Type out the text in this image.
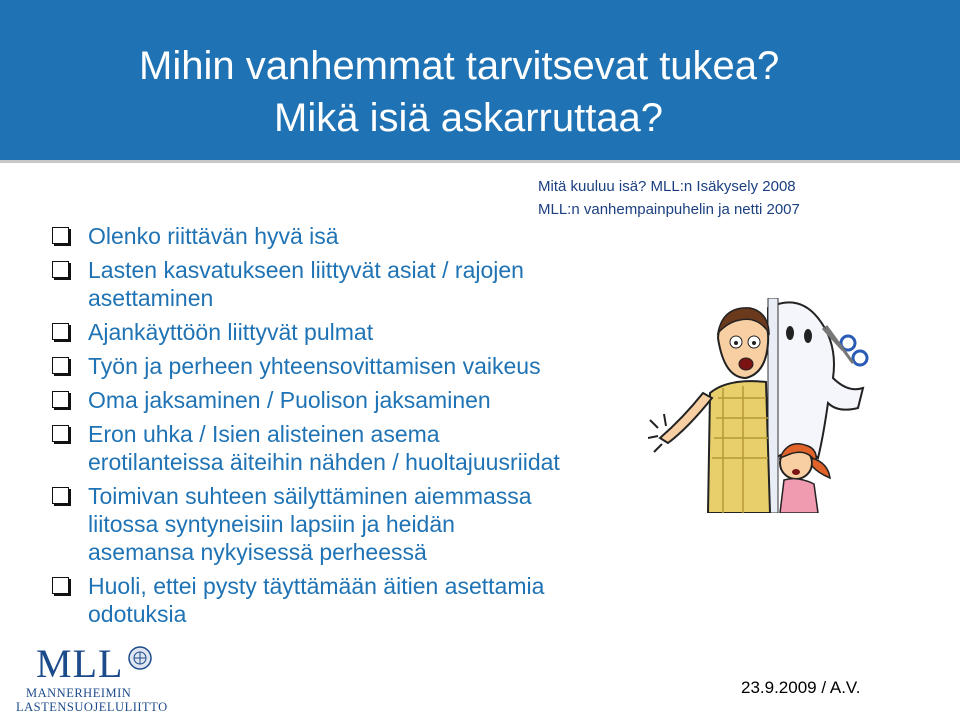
Mihin vanhemmat tarvitsevat tukea?
Mikä isiä askarruttaa?
Mitä kuuluu isä? MLL:n Isäkysely 2008
MLL:n vanhempainpuhelin ja netti 2007
Olenko riittävän hyvä isä
Lasten kasvatukseen liittyvät asiat / rajojen
asettaminen
Ajankäyttöön liittyvät pulmat
Työn ja perheen yhteensovittamisen vaikeus
Oma jaksaminen / Puolison jaksaminen
Eron uhka / Isien alisteinen asema
erotilanteissa äiteihin nähden / huoltajuusriidat
Toimivan suhteen säilyttäminen aiemmassa
liitossa syntyneisiin lapsiin ja heidän
asemansa nykyisessä perheessä
Huoli, ettei pysty täyttämään äitien asettamia
odotuksia
MLL
MANNERHEIMIN
LASTENSUOJELULIITTO
23.9.2009 / A.V.
